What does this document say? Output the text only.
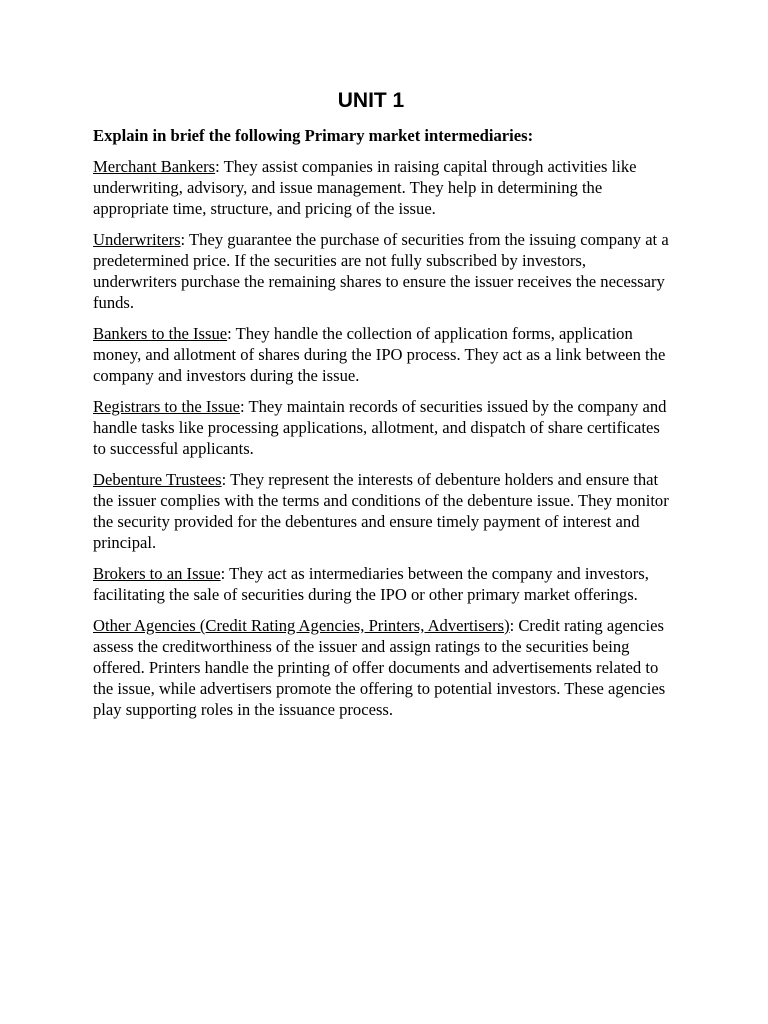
UNIT 1

Explain in brief the following Primary market intermediaries:

Merchant Bankers: They assist companies in raising capital through activities like underwriting, advisory, and issue management. They help in determining the appropriate time, structure, and pricing of the issue.

Underwriters: They guarantee the purchase of securities from the issuing company at a predetermined price. If the securities are not fully subscribed by investors, underwriters purchase the remaining shares to ensure the issuer receives the necessary funds.

Bankers to the Issue: They handle the collection of application forms, application money, and allotment of shares during the IPO process. They act as a link between the company and investors during the issue.

Registrars to the Issue: They maintain records of securities issued by the company and handle tasks like processing applications, allotment, and dispatch of share certificates to successful applicants.

Debenture Trustees: They represent the interests of debenture holders and ensure that the issuer complies with the terms and conditions of the debenture issue. They monitor the security provided for the debentures and ensure timely payment of interest and principal.

Brokers to an Issue: They act as intermediaries between the company and investors, facilitating the sale of securities during the IPO or other primary market offerings.

Other Agencies (Credit Rating Agencies, Printers, Advertisers): Credit rating agencies assess the creditworthiness of the issuer and assign ratings to the securities being offered. Printers handle the printing of offer documents and advertisements related to the issue, while advertisers promote the offering to potential investors. These agencies play supporting roles in the issuance process.
